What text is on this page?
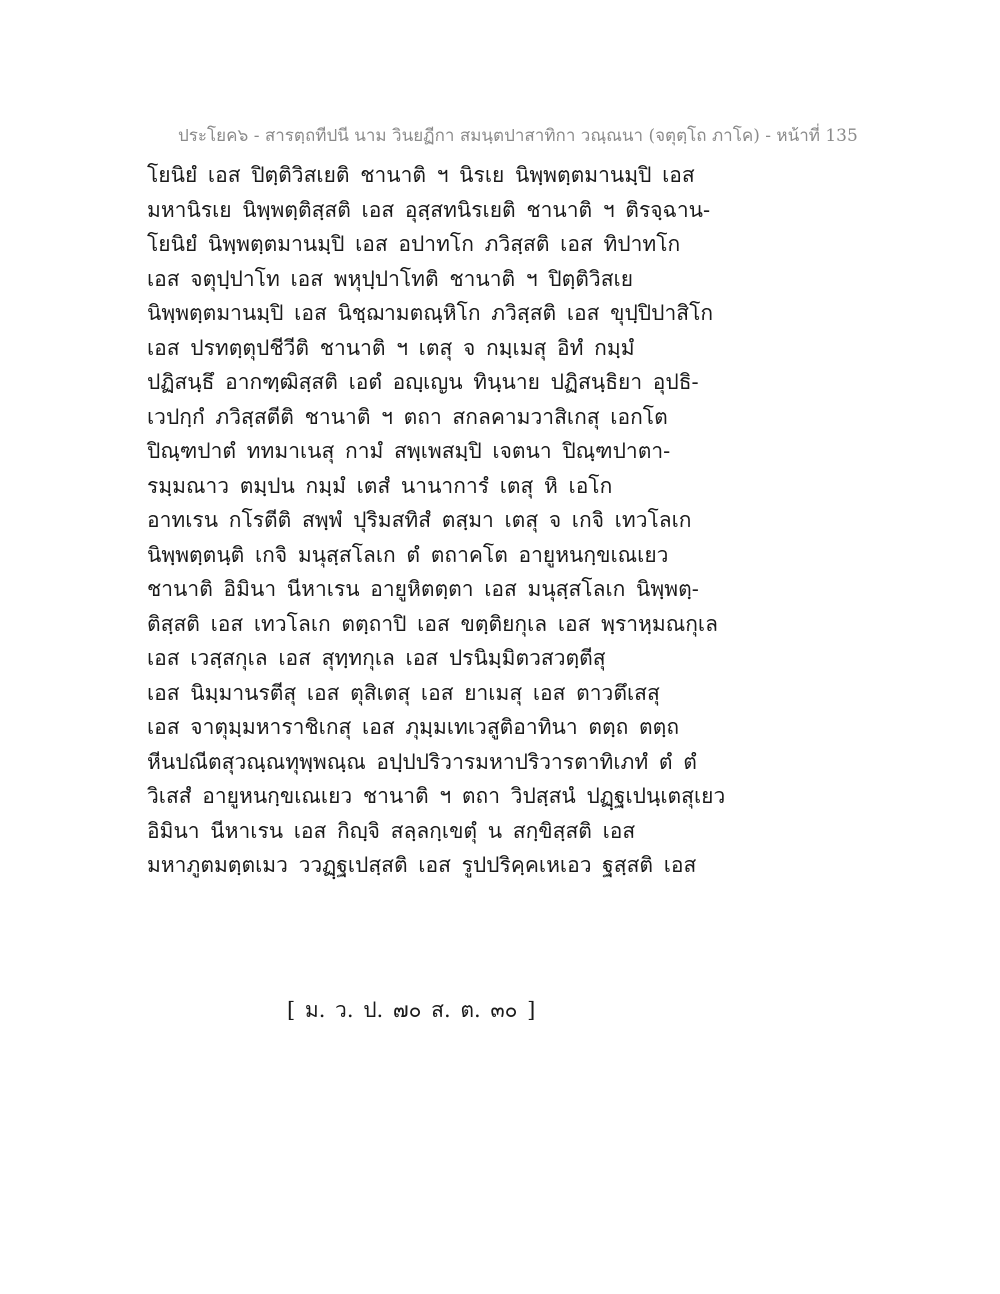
ประโยค๖ - สารตฺถทีปนี นาม วินยฏีกา สมนฺตปาสาทิกา วณฺณนา (จตุตฺโถ ภาโค) - หน้าที่ 135
โยนิยํ เอส ปิตฺติวิสเยติ ชานาติ ฯ นิรเย นิพฺพตฺตมานมฺปิ เอส
มหานิรเย นิพฺพตฺติสฺสติ เอส อุสฺสทนิรเยติ ชานาติ ฯ ติรจฺฉาน-
โยนิยํ นิพฺพตฺตมานมฺปิ เอส อปาทโก ภวิสฺสติ เอส ทิปาทโก
เอส จตุปฺปาโท เอส พหุปฺปาโทติ ชานาติ ฯ ปิตฺติวิสเย
นิพฺพตฺตมานมฺปิ เอส นิชฺฌามตณฺหิโก ภวิสฺสติ เอส ขุปฺปิปาสิโก
เอส ปรทตฺตุปชีวีติ ชานาติ ฯ เตสุ จ กมฺเมสุ อิทํ กมฺมํ
ปฏิสนฺธึ อากฑฺฒิสฺสติ เอตํ อญฺเญน ทินฺนาย ปฏิสนฺธิยา อุปธิ-
เวปกฺกํ ภวิสฺสตีติ ชานาติ ฯ ตถา สกลคามวาสิเกสุ เอกโต
ปิณฺฑปาตํ ททมาเนสุ กามํ สพฺเพสมฺปิ เจตนา ปิณฺฑปาตา-
รมฺมณาว ตมฺปน กมฺมํ เตสํ นานาการํ เตสุ หิ เอโก
อาทเรน กโรตีติ สพฺพํ ปุริมสทิสํ ตสฺมา เตสุ จ เกจิ เทวโลเก
นิพฺพตฺตนฺติ เกจิ มนุสฺสโลเก ตํ ตถาคโต อายูหนกฺขเณเยว
ชานาติ อิมินา นีหาเรน อายูหิตตฺตา เอส มนุสฺสโลเก นิพฺพตฺ-
ติสฺสติ เอส เทวโลเก ตตฺถาปิ เอส ขตฺติยกุเล เอส พฺราหฺมณกุเล
เอส เวสฺสกุเล เอส สุทฺทกุเล เอส ปรนิมฺมิตวสวตฺตีสุ
เอส นิมฺมานรตีสุ เอส ตุสิเตสุ เอส ยาเมสุ เอส ตาวตึเสสุ
เอส จาตุมฺมหาราชิเกสุ เอส ภุมฺมเทเวสูติอาทินา ตตฺถ ตตฺถ
หีนปณีตสุวณฺณทุพฺพณฺณ อปฺปปริวารมหาปริวารตาทิเภทํ ตํ ตํ
วิเสสํ อายูหนกฺขเณเยว ชานาติ ฯ ตถา วิปสฺสนํ ปฏฺฐเปนฺเตสุเยว
อิมินา นีหาเรน เอส กิญฺจิ สลฺลกฺเขตุํ น สกฺขิสฺสติ เอส
มหาภูตมตฺตเมว ววฏฺฐเปสฺสติ เอส รูปปริคฺคเหเอว ฐสฺสติ เอส
[ ม. ว. ป. ๗๐ ส. ต. ๓๐ ]
